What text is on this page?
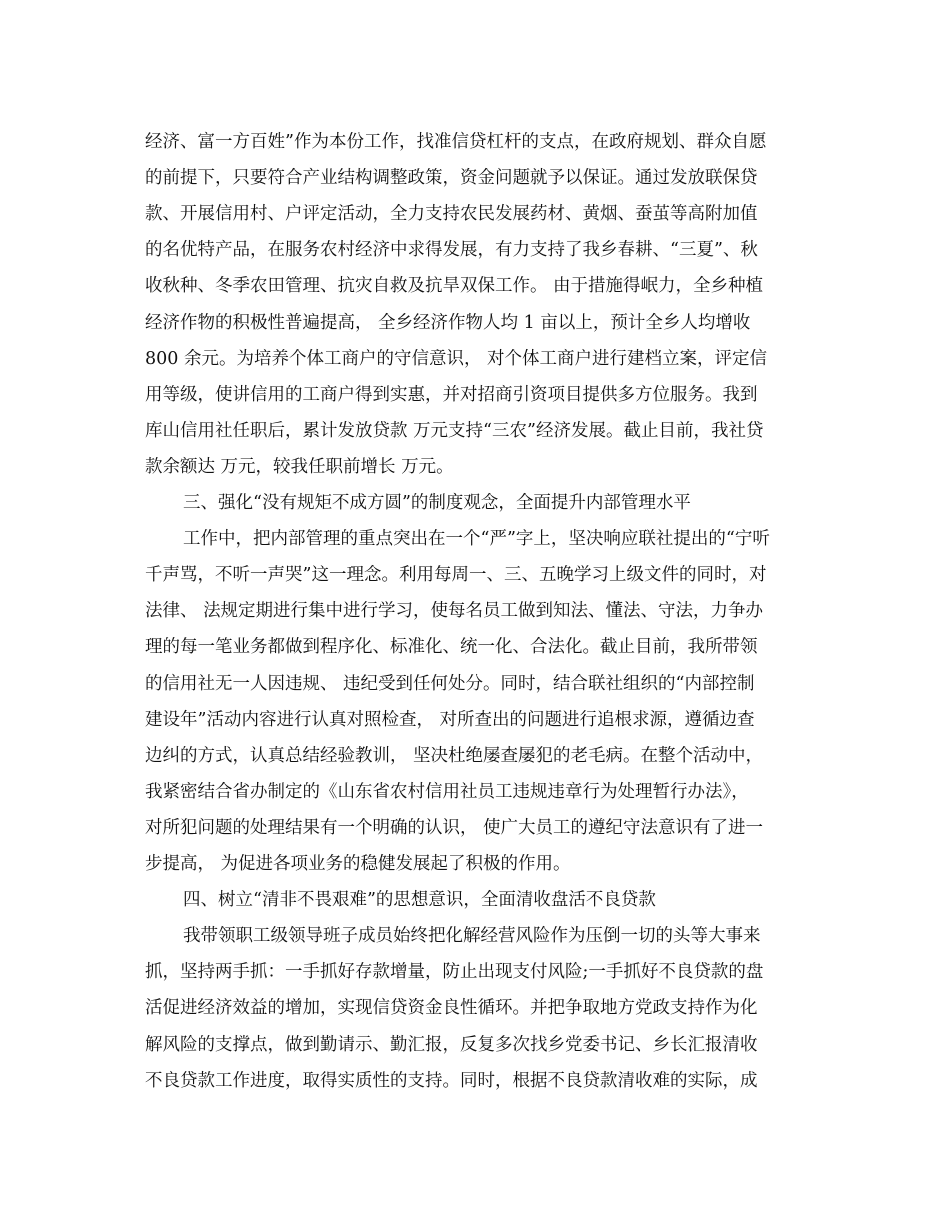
经济、富一方百姓”作为本份工作，找准信贷杠杆的支点，在政府规划、群众自愿

的前提下，只要符合产业结构调整政策，资金问题就予以保证。通过发放联保贷

款、开展信用村、户评定活动，全力支持农民发展药材、黄烟、蚕茧等高附加值

的名优特产品，在服务农村经济中求得发展，有力支持了我乡春耕、“三夏”、秋

收秋种、冬季农田管理、抗灾自救及抗旱双保工作。 由于措施得岷力，全乡种植

经济作物的积极性普遍提高， 全乡经济作物人均 1 亩以上，预计全乡人均增收

800 余元。为培养个体工商户的守信意识， 对个体工商户进行建档立案，评定信

用等级，使讲信用的工商户得到实惠，并对招商引资项目提供多方位服务。我到

库山信用社任职后，累计发放贷款 万元支持“三农”经济发展。截止目前，我社贷

款余额达 万元，较我任职前增长 万元。

三、强化“没有规矩不成方圆”的制度观念，全面提升内部管理水平

工作中，把内部管理的重点突出在一个“严”字上，坚决响应联社提出的“宁听

千声骂，不听一声哭”这一理念。利用每周一、三、五晚学习上级文件的同时，对

法律、 法规定期进行集中进行学习，使每名员工做到知法、懂法、守法，力争办

理的每一笔业务都做到程序化、标准化、统一化、合法化。截止目前，我所带领

的信用社无一人因违规、 违纪受到任何处分。同时，结合联社组织的“内部控制

建设年”活动内容进行认真对照检查， 对所查出的问题进行追根求源，遵循边查

边纠的方式，认真总结经验教训， 坚决杜绝屡查屡犯的老毛病。在整个活动中，

我紧密结合省办制定的《山东省农村信用社员工违规违章行为处理暂行办法》，

对所犯问题的处理结果有一个明确的认识， 使广大员工的遵纪守法意识有了进一

步提高， 为促进各项业务的稳健发展起了积极的作用。

四、树立“清非不畏艰难”的思想意识，全面清收盘活不良贷款

我带领职工级领导班子成员始终把化解经营风险作为压倒一切的头等大事来

抓，坚持两手抓：一手抓好存款增量，防止出现支付风险;一手抓好不良贷款的盘

活促进经济效益的增加，实现信贷资金良性循环。并把争取地方党政支持作为化

解风险的支撑点，做到勤请示、勤汇报，反复多次找乡党委书记、乡长汇报清收

不良贷款工作进度，取得实质性的支持。同时，根据不良贷款清收难的实际，成
